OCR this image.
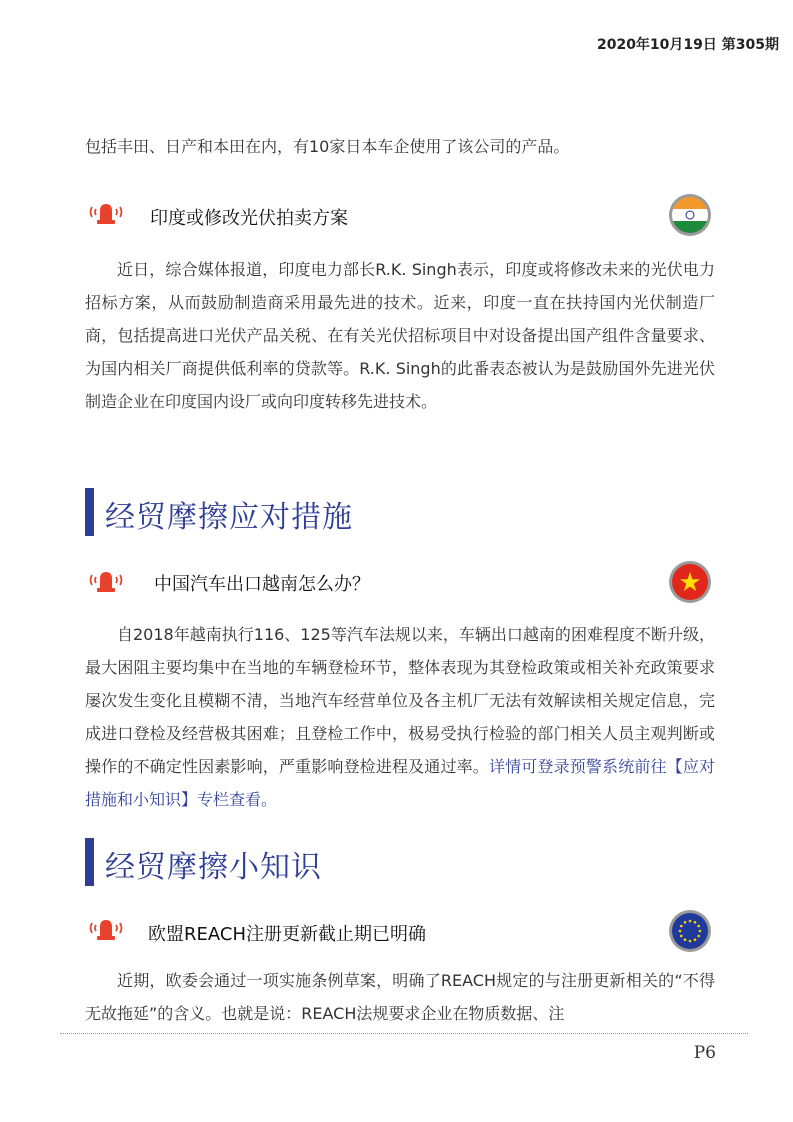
2020年10月19日 第305期

包括丰田、日产和本田在内，有10家日本车企使用了该公司的产品。

印度或修改光伏拍卖方案

近日，综合媒体报道，印度电力部长R.K. Singh表示，印度或将修改未来的光伏电力招标方案，从而鼓励制造商采用最先进的技术。近来，印度一直在扶持国内光伏制造厂商，包括提高进口光伏产品关税、在有关光伏招标项目中对设备提出国产组件含量要求、为国内相关厂商提供低利率的贷款等。R.K. Singh的此番表态被认为是鼓励国外先进光伏制造企业在印度国内设厂或向印度转移先进技术。

经贸摩擦应对措施
中国汽车出口越南怎么办？

自2018年越南执行116、125等汽车法规以来，车辆出口越南的困难程度不断升级，最大困阻主要均集中在当地的车辆登检环节，整体表现为其登检政策或相关补充政策要求屡次发生变化且模糊不清，当地汽车经营单位及各主机厂无法有效解读相关规定信息，完成进口登检及经营极其困难；且登检工作中，极易受执行检验的部门相关人员主观判断或操作的不确定性因素影响，严重影响登检进程及通过率。详情可登录预警系统前往【应对措施和小知识】专栏查看。

经贸摩擦小知识
欧盟REACH注册更新截止期已明确

近期，欧委会通过一项实施条例草案，明确了REACH规定的与注册更新相关的“不得无故拖延”的含义。也就是说：REACH法规要求企业在物质数据、注

P6
